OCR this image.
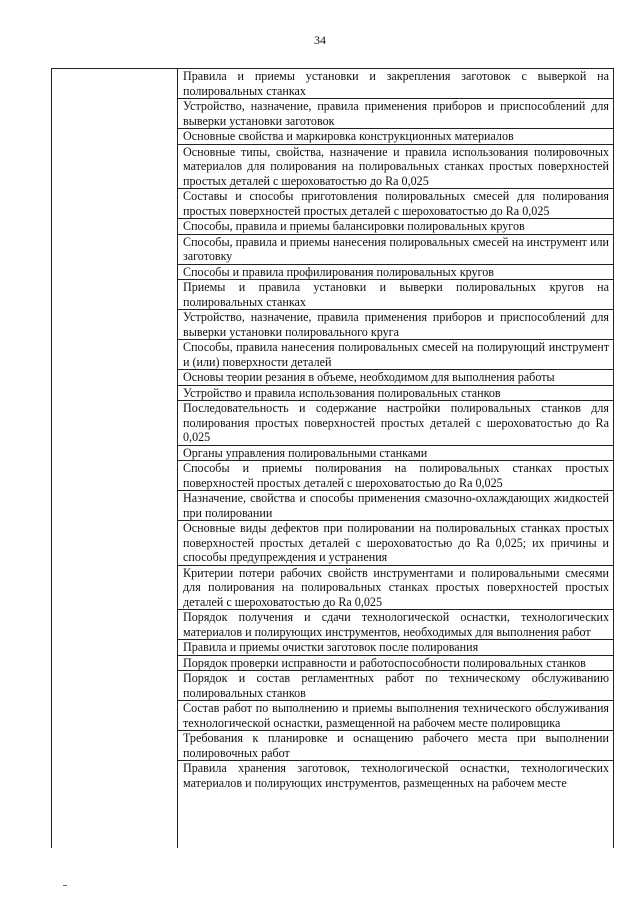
34
Правила и приемы установки и закрепления заготовок с выверкой на полировальных станках
Устройство, назначение, правила применения приборов и приспособлений для выверки установки заготовок
Основные свойства и маркировка конструкционных материалов
Основные типы, свойства, назначение и правила использования полировочных материалов для полирования на полировальных станках простых поверхностей простых деталей с шероховатостью до Ra 0,025
Составы и способы приготовления полировальных смесей для полирования простых поверхностей простых деталей с шероховатостью до Ra 0,025
Способы, правила и приемы балансировки полировальных кругов
Способы, правила и приемы нанесения полировальных смесей на инструмент или заготовку
Способы и правила профилирования полировальных кругов
Приемы и правила установки и выверки полировальных кругов на полировальных станках
Устройство, назначение, правила применения приборов и приспособлений для выверки установки полировального круга
Способы, правила нанесения полировальных смесей на полирующий инструмент и (или) поверхности деталей
Основы теории резания в объеме, необходимом для выполнения работы
Устройство и правила использования полировальных станков
Последовательность и содержание настройки полировальных станков для полирования простых поверхностей простых деталей с шероховатостью до Ra 0,025
Органы управления полировальными станками
Способы и приемы полирования на полировальных станках простых поверхностей простых деталей с шероховатостью до Ra 0,025
Назначение, свойства и способы применения смазочно-охлаждающих жидкостей при полировании
Основные виды дефектов при полировании на полировальных станках простых поверхностей простых деталей с шероховатостью до Ra 0,025; их причины и способы предупреждения и устранения
Критерии потери рабочих свойств инструментами и полировальными смесями для полирования на полировальных станках простых поверхностей простых деталей с шероховатостью до Ra 0,025
Порядок получения и сдачи технологической оснастки, технологических материалов и полирующих инструментов, необходимых для выполнения работ
Правила и приемы очистки заготовок после полирования
Порядок проверки исправности и работоспособности полировальных станков
Порядок и состав регламентных работ по техническому обслуживанию полировальных станков
Состав работ по выполнению и приемы выполнения технического обслуживания технологической оснастки, размещенной на рабочем месте полировщика
Требования к планировке и оснащению рабочего места при выполнении полировочных работ
Правила хранения заготовок, технологической оснастки, технологических материалов и полирующих инструментов, размещенных на рабочем месте
